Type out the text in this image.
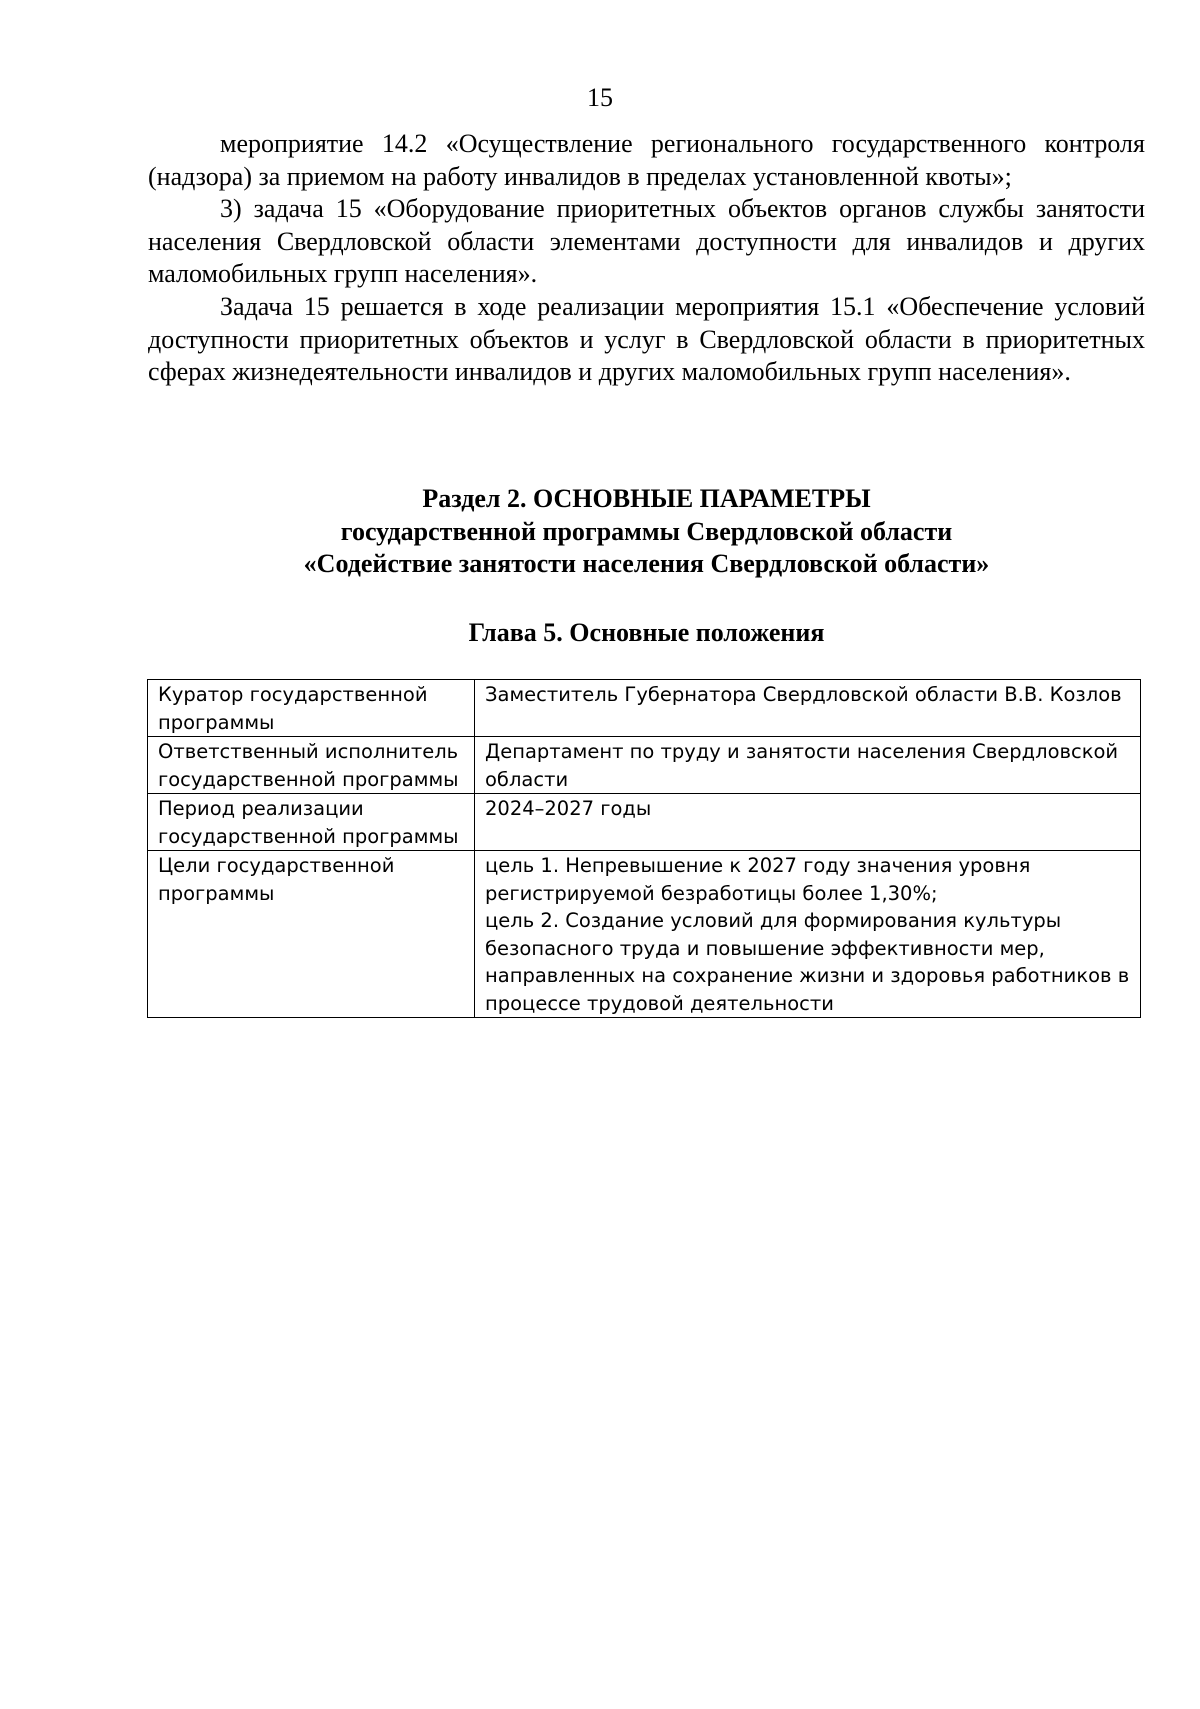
15

мероприятие 14.2 «Осуществление регионального государственного контроля (надзора) за приемом на работу инвалидов в пределах установленной квоты»;

3) задача 15 «Оборудование приоритетных объектов органов службы занятости населения Свердловской области элементами доступности для инвалидов и других маломобильных групп населения».

Задача 15 решается в ходе реализации мероприятия 15.1 «Обеспечение условий доступности приоритетных объектов и услуг в Свердловской области в приоритетных сферах жизнедеятельности инвалидов и других маломобильных групп населения».

Раздел 2. ОСНОВНЫЕ ПАРАМЕТРЫ
государственной программы Свердловской области
«Содействие занятости населения Свердловской области»
Глава 5. Основные положения
Куратор государственной программы	Заместитель Губернатора Свердловской области В.В. Козлов
Ответственный исполнитель государственной программы	Департамент по труду и занятости населения Свердловской области
Период реализации государственной программы	2024–2027 годы
Цели государственной программы	цель 1. Непревышение к 2027 году значения уровня регистрируемой безработицы более 1,30%;
цель 2. Создание условий для формирования культуры безопасного труда и повышение эффективности мер, направленных на сохранение жизни и здоровья работников в процессе трудовой деятельности
